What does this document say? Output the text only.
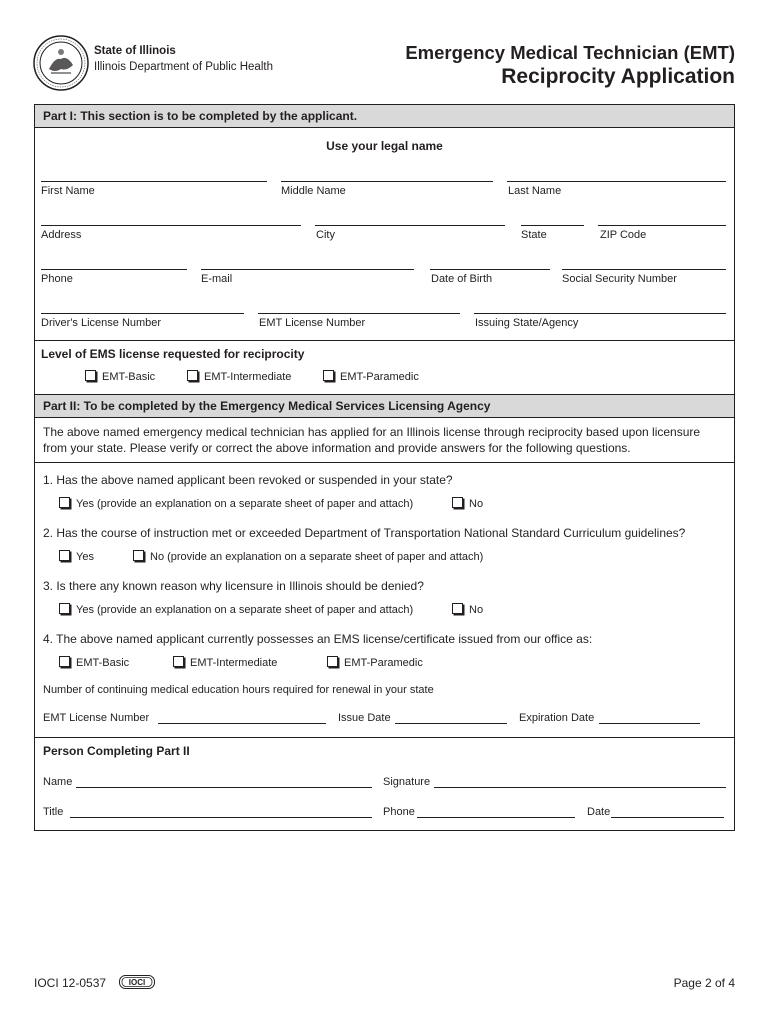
State of Illinois
Illinois Department of Public Health
Emergency Medical Technician (EMT)
Reciprocity Application
Part I: This section is to be completed by the applicant.
Use your legal name
First Name	Middle Name	Last Name
Address	City	State	ZIP Code
Phone	E-mail	Date of Birth	Social Security Number
Driver's License Number	EMT License Number	Issuing State/Agency
Level of EMS license requested for reciprocity
EMT-Basic	EMT-Intermediate	EMT-Paramedic
Part II: To be completed by the Emergency Medical Services Licensing Agency
The above named emergency medical technician has applied for an Illinois license through reciprocity based upon licensure
from your state. Please verify or correct the above information and provide answers for the following questions.
1. Has the above named applicant been revoked or suspended in your state?
Yes (provide an explanation on a separate sheet of paper and attach)	No
2. Has the course of instruction met or exceeded Department of Transportation National Standard Curriculum guidelines?
Yes	No (provide an explanation on a separate sheet of paper and attach)
3. Is there any known reason why licensure in Illinois should be denied?
Yes (provide an explanation on a separate sheet of paper and attach)	No
4. The above named applicant currently possesses an EMS license/certificate issued from our office as:
EMT-Basic	EMT-Intermediate	EMT-Paramedic
Number of continuing medical education hours required for renewal in your state
EMT License Number	Issue Date	Expiration Date
Person Completing Part II
Name	Signature
Title	Phone	Date
IOCI 12-0537	IOCI	Page 2 of 4
